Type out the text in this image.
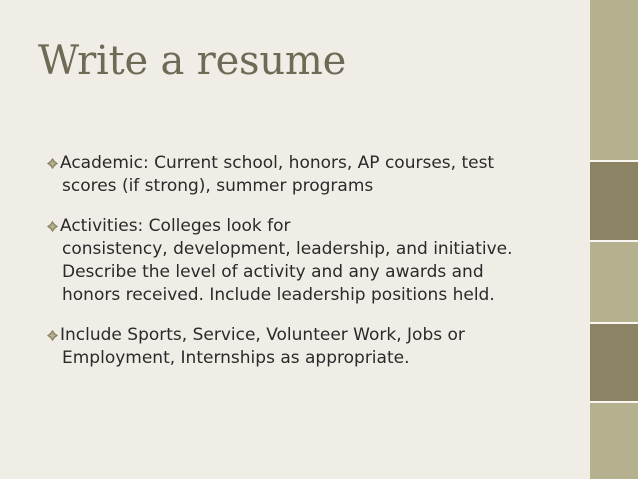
Write a resume
Academic: Current school, honors, AP courses, test
scores (if strong), summer programs
Activities: Colleges look for
consistency, development, leadership, and initiative.
Describe the level of activity and any awards and
honors received. Include leadership positions held.
Include Sports, Service, Volunteer Work, Jobs or
Employment, Internships as appropriate.
